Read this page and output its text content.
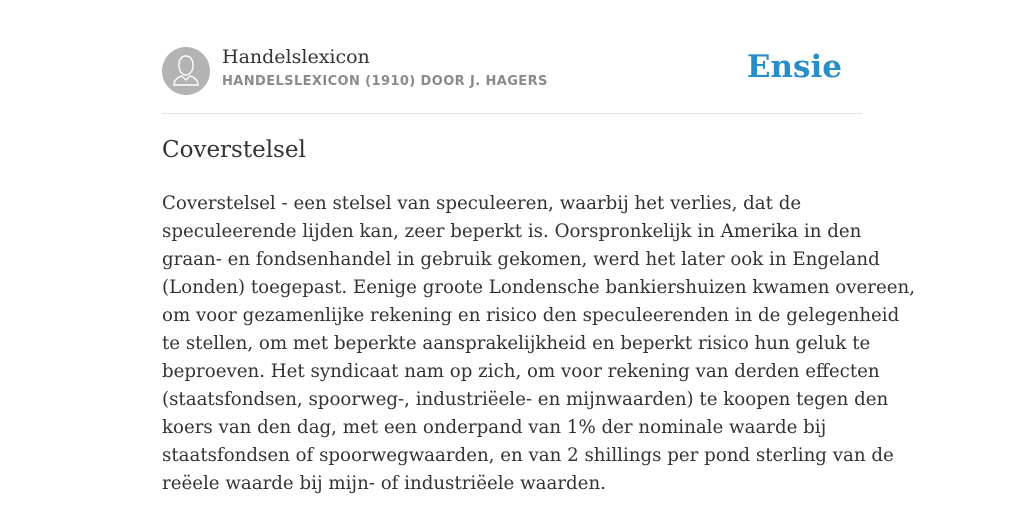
Handelslexicon
HANDELSLEXICON (1910) DOOR J. HAGERS	Ensie
Coverstelsel
Coverstelsel - een stelsel van speculeeren, waarbij het verlies, dat de
speculeerende lijden kan, zeer beperkt is. Oorspronkelijk in Amerika in den
graan- en fondsenhandel in gebruik gekomen, werd het later ook in Engeland
(Londen) toegepast. Eenige groote Londensche bankiershuizen kwamen overeen,
om voor gezamenlijke rekening en risico den speculeerenden in de gelegenheid
te stellen, om met beperkte aansprakelijkheid en beperkt risico hun geluk te
beproeven. Het syndicaat nam op zich, om voor rekening van derden effecten
(staatsfondsen, spoorweg-, industriëele- en mijnwaarden) te koopen tegen den
koers van den dag, met een onderpand van 1% der nominale waarde bij
staatsfondsen of spoorwegwaarden, en van 2 shillings per pond sterling van de
reëele waarde bij mijn- of industriëele waarden.
